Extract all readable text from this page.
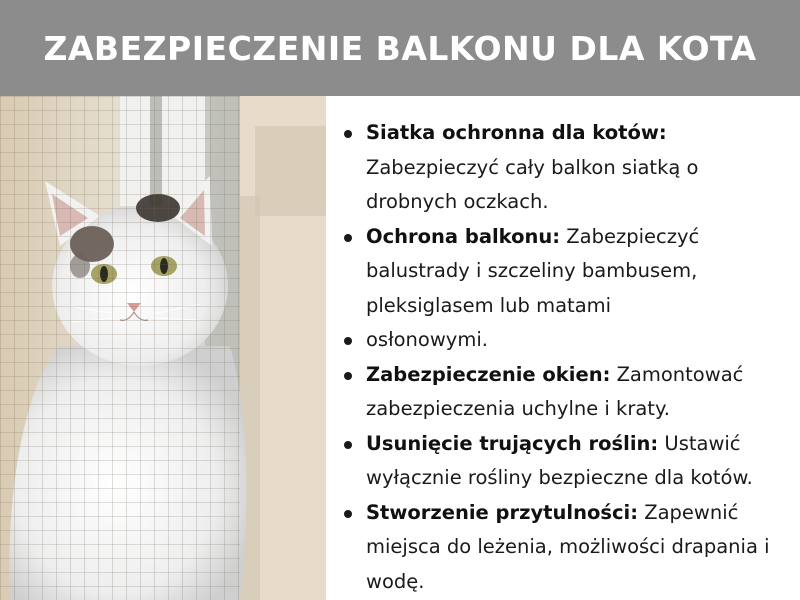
ZABEZPIECZENIE BALKONU DLA KOTA
Siatka ochronna dla kotów: Zabezpieczyć cały balkon siatką o drobnych oczkach.
Ochrona balkonu: Zabezpieczyć balustrady i szczeliny bambusem, pleksiglasem lub matami
osłonowymi.
Zabezpieczenie okien: Zamontować zabezpieczenia uchylne i kraty.
Usunięcie trujących roślin: Ustawić wyłącznie rośliny bezpieczne dla kotów.
Stworzenie przytulności: Zapewnić miejsca do leżenia, możliwości drapania i wodę.
